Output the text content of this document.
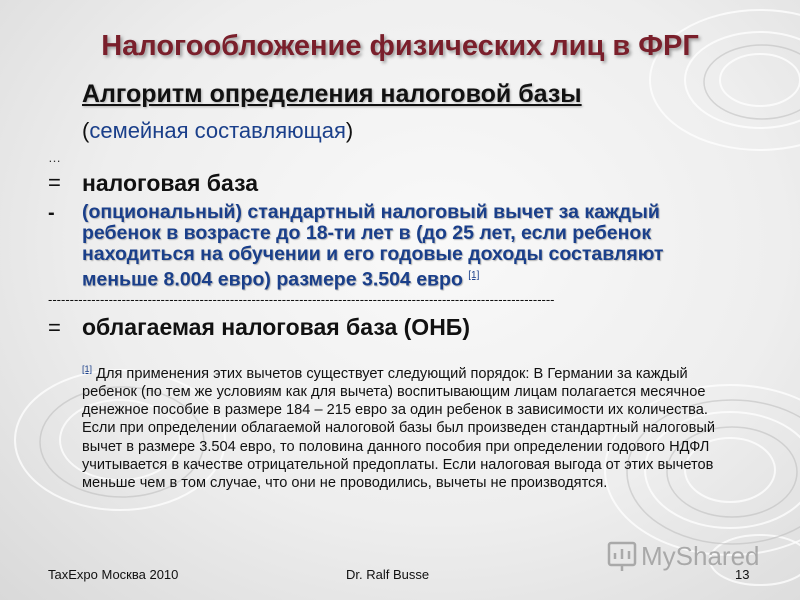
Налогообложение физических лиц в ФРГ
Алгоритм определения налоговой базы
(семейная составляющая)
…
= налоговая база
- (опциональный) стандартный налоговый вычет за каждый ребенок в возрасте до 18-ти лет в (до 25 лет, если ребенок находиться на обучении и его годовые доходы составляют меньше 8.004 евро) размере 3.504 евро [1]
---------------------------------------------------------------------------------------------------------------------
= облагаемая налоговая база (ОНБ)
[1] Для применения этих вычетов существует следующий порядок: В Германии за каждый ребенок (по тем же условиям как для вычета) воспитывающим лицам полагается месячное денежное пособие в размере 184 – 215 евро за один ребенок в зависимости их количества. Если при определении облагаемой налоговой базы был произведен стандартный налоговый вычет в размере 3.504 евро, то половина данного пособия при определении годового НДФЛ учитывается в качестве отрицательной предоплаты. Если налоговая выгода от этих вычетов меньше чем в том случае, что они не проводились, вычеты не производятся.
TaxExpo Москва 2010	Dr. Ralf Busse	13
MyShared
